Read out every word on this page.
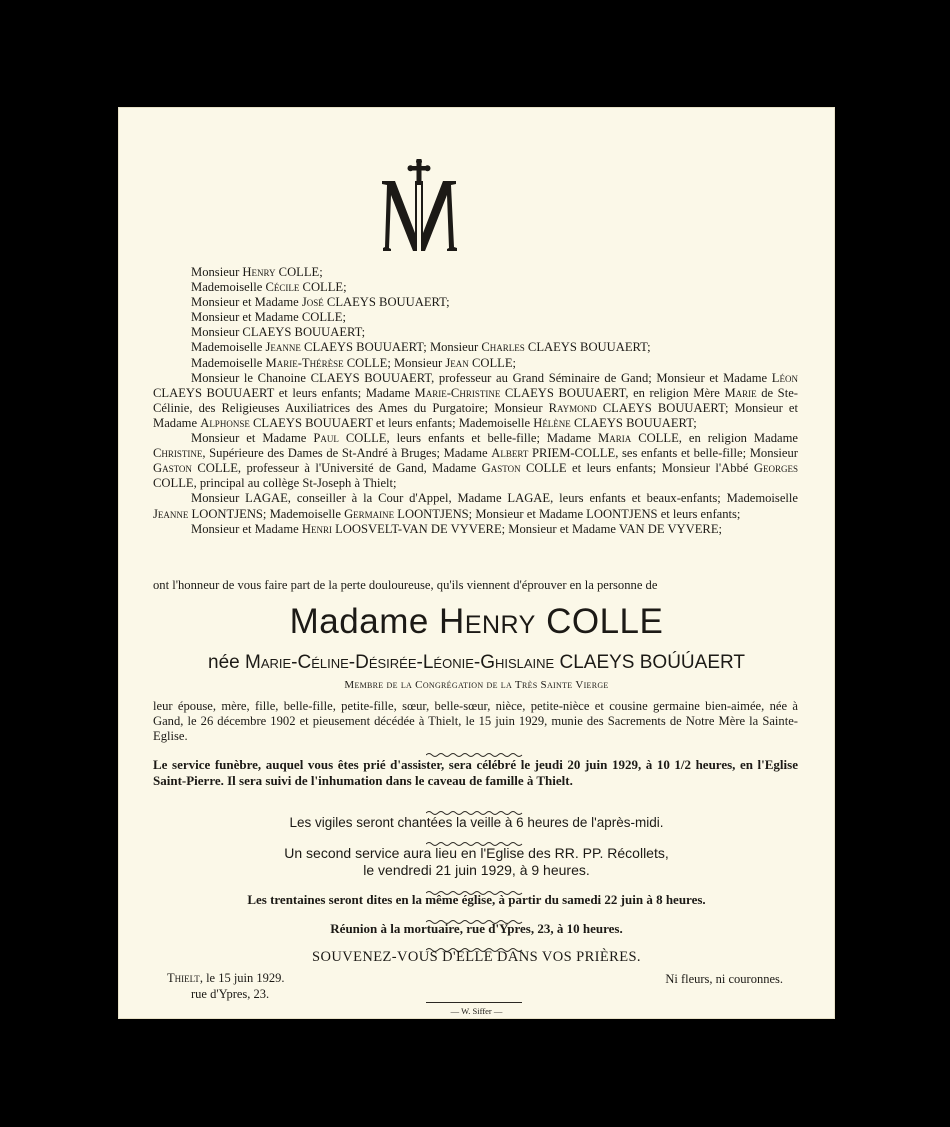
Monsieur Henry COLLE;
Mademoiselle Cécile COLLE;
Monsieur et Madame José CLAEYS BOUUAERT;
Monsieur et Madame COLLE;
Monsieur CLAEYS BOUUAERT;
Mademoiselle Jeanne CLAEYS BOUUAERT; Monsieur Charles CLAEYS BOUUAERT;
Mademoiselle Marie-Thérèse COLLE; Monsieur Jean COLLE;
Monsieur le Chanoine CLAEYS BOUUAERT, professeur au Grand Séminaire de Gand; Monsieur et Madame Léon CLAEYS BOUUAERT et leurs enfants; Madame Marie-Christine CLAEYS BOUUAERT, en religion Mère Marie de Ste-Célinie, des Religieuses Auxiliatrices des Ames du Purgatoire; Monsieur Raymond CLAEYS BOUUAERT; Monsieur et Madame Alphonse CLAEYS BOUUAERT et leurs enfants; Mademoiselle Hélène CLAEYS BOUUAERT;
Monsieur et Madame Paul COLLE, leurs enfants et belle-fille; Madame Maria COLLE, en religion Madame Christine, Supérieure des Dames de St-André à Bruges; Madame Albert PRIEM-COLLE, ses enfants et belle-fille; Monsieur Gaston COLLE, professeur à l'Université de Gand, Madame Gaston COLLE et leurs enfants; Monsieur l'Abbé Georges COLLE, principal au collège St-Joseph à Thielt;
Monsieur LAGAE, conseiller à la Cour d'Appel, Madame LAGAE, leurs enfants et beaux-enfants; Mademoiselle Jeanne LOONTJENS; Mademoiselle Germaine LOONTJENS; Monsieur et Madame LOONTJENS et leurs enfants;
Monsieur et Madame Henri LOOSVELT-VAN DE VYVERE; Monsieur et Madame VAN DE VYVERE;
ont l'honneur de vous faire part de la perte douloureuse, qu'ils viennent d'éprouver en la personne de
Madame Henry COLLE
née Marie-Céline-Désirée-Léonie-Ghislaine CLAEYS BOÚÚAERT
Membre de la Congrégation de la Très Sainte Vierge
leur épouse, mère, fille, belle-fille, petite-fille, sœur, belle-sœur, nièce, petite-nièce et cousine germaine bien-aimée, née à Gand, le 26 décembre 1902 et pieusement décédée à Thielt, le 15 juin 1929, munie des Sacrements de Notre Mère la Sainte-Eglise.
Le service funèbre, auquel vous êtes prié d'assister, sera célébré le jeudi 20 juin 1929, à 10 1/2 heures, en l'Eglise Saint-Pierre. Il sera suivi de l'inhumation dans le caveau de famille à Thielt.
Les vigiles seront chantées la veille à 6 heures de l'après-midi.
Un second service aura lieu en l'Eglise des RR. PP. Récollets,
le vendredi 21 juin 1929, à 9 heures.
Les trentaines seront dites en la même église, à partir du samedi 22 juin à 8 heures.
Réunion à la mortuaire, rue d'Ypres, 23, à 10 heures.
SOUVENEZ-VOUS D'ELLE DANS VOS PRIÈRES.
Thielt, le 15 juin 1929.
rue d'Ypres, 23.
Ni fleurs, ni couronnes.
— W. Siffer —
